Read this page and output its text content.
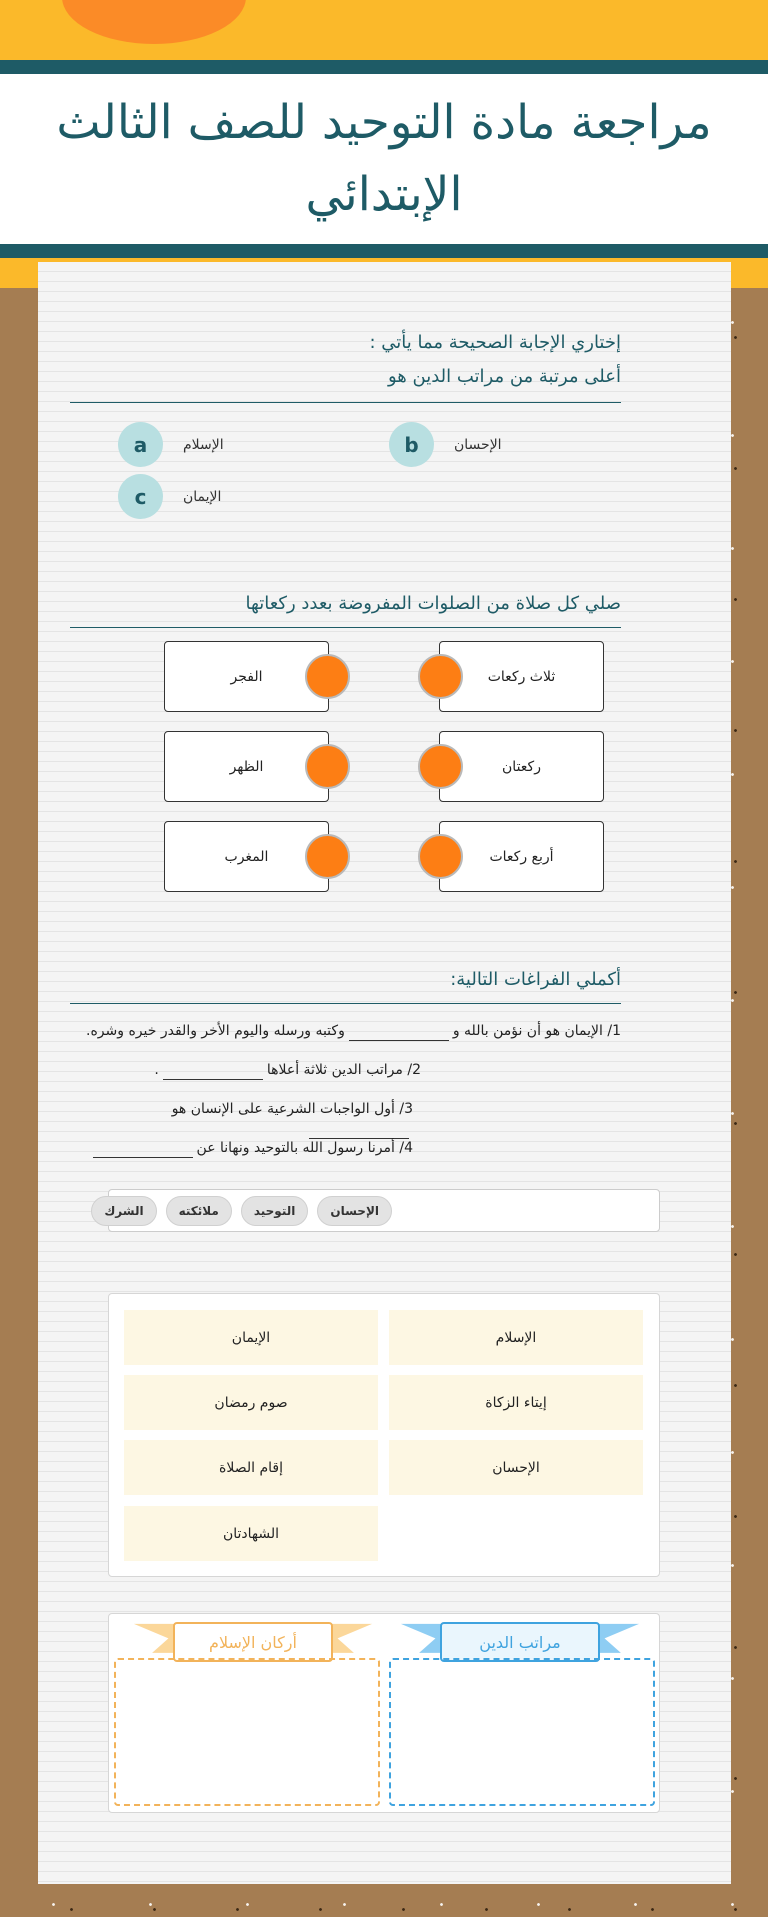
مراجعة مادة التوحيد للصف الثالث الإبتدائي
إختاري الإجابة الصحيحة مما يأتي :
أعلى مرتبة من مراتب الدين هو
a	الإسلام	b	الإحسان
c	الإيمان
صلي كل صلاة من الصلوات المفروضة بعدد ركعاتها
الفجر	ثلاث ركعات
الظهر	ركعتان
المغرب	أربع ركعات
أكملي الفراغات التالية:
1/ الإيمان هو أن نؤمن بالله ووكتبه ورسله واليوم الأخر والقدر خيره وشره.
2/ مراتب الدين ثلاثة أعلاها.
3/ أول الواجبات الشرعية على الإنسان هو
4/ أمرنا رسول الله بالتوحيد ونهانا عن
الإحسان
التوحيد
ملائكته
الشرك
الإسلام
الإيمان
إيتاء الزكاة
صوم رمضان
الإحسان
إقام الصلاة
الشهادتان
مراتب الدين
أركان الإسلام
